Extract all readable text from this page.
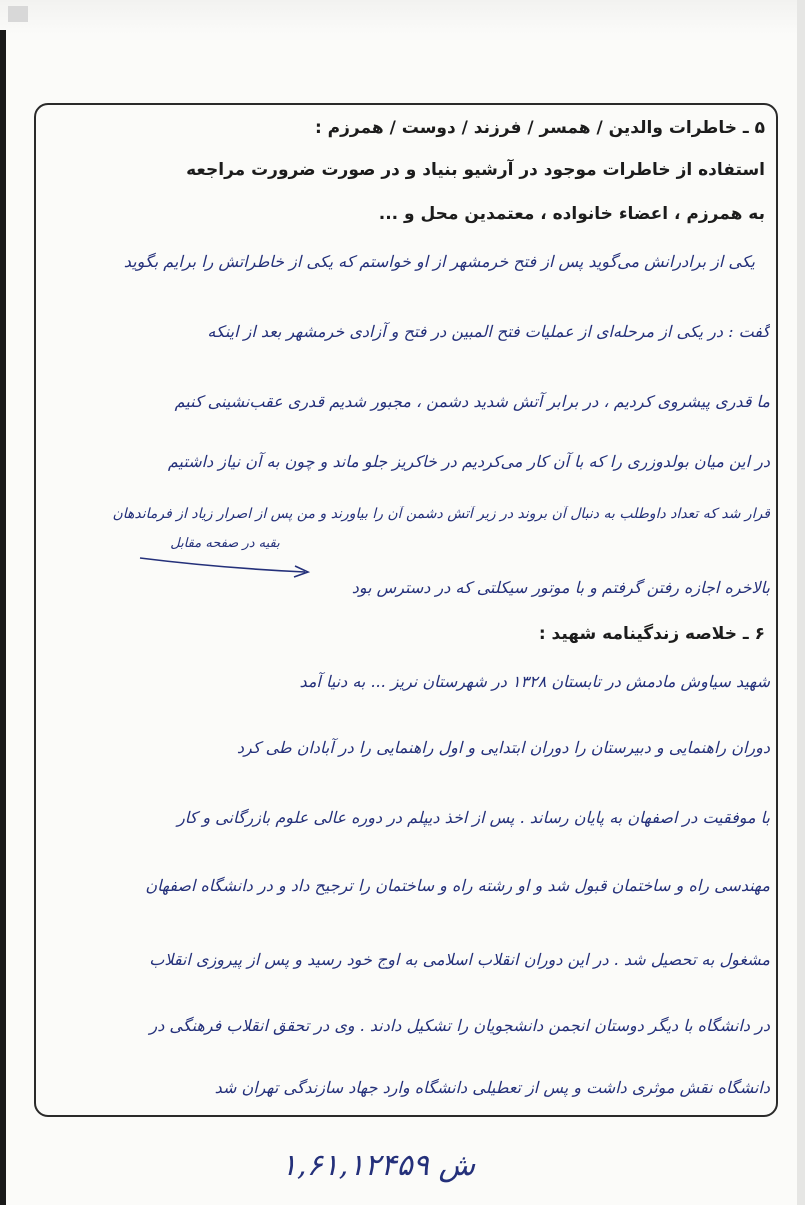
۵ ـ خاطرات والدین / همسر / فرزند / دوست / همرزم :
استفاده از خاطرات موجود در آرشیو بنیاد و در صورت ضرورت مراجعه
به همرزم ، اعضاء خانواده ، معتمدین محل و ...
یکی از برادرانش می‌گوید پس از فتح خرمشهر از او خواستم که یکی از خاطراتش را برایم بگوید
گفت : در یکی از مرحله‌ای از عملیات فتح المبین در فتح و آزادی خرمشهر بعد از اینکه
ما قدری پیشروی کردیم ، در برابر آتش شدید دشمن ، مجبور شدیم قدری عقب‌نشینی کنیم
در این میان بولدوزری را که با آن کار می‌کردیم در خاکریز جلو ماند و چون به آن نیاز داشتیم
قرار شد که تعداد داوطلب به دنبال آن بروند در زیر آتش دشمن آن را بیاورند و من پس از اصرار زیاد از فرماندهان
بالاخره اجازه رفتن گرفتم و با موتور سیکلتی که در دسترس بود
بقیه در صفحه مقابل
۶ ـ خلاصه زندگینامه شهید :
شهید سیاوش مادمش در تابستان ۱۳۲۸ در شهرستان نریز ... به دنیا آمد
دوران راهنمایی و دبیرستان را دوران ابتدایی و اول راهنمایی را در آبادان طی کرد
با موفقیت در اصفهان به پایان رساند . پس از اخذ دیپلم در دوره عالی علوم بازرگانی و کار
مهندسی راه و ساختمان قبول شد و او رشته راه و ساختمان را ترجیح داد و در دانشگاه اصفهان
مشغول به تحصیل شد . در این دوران انقلاب اسلامی به اوج خود رسید و پس از پیروزی انقلاب
در دانشگاه با دیگر دوستان انجمن دانشجویان را تشکیل دادند . وی در تحقق انقلاب فرهنگی در
دانشگاه نقش موثری داشت و پس از تعطیلی دانشگاه وارد جهاد سازندگی تهران شد
ش ۱,۶۱,۱۲۴۵۹
